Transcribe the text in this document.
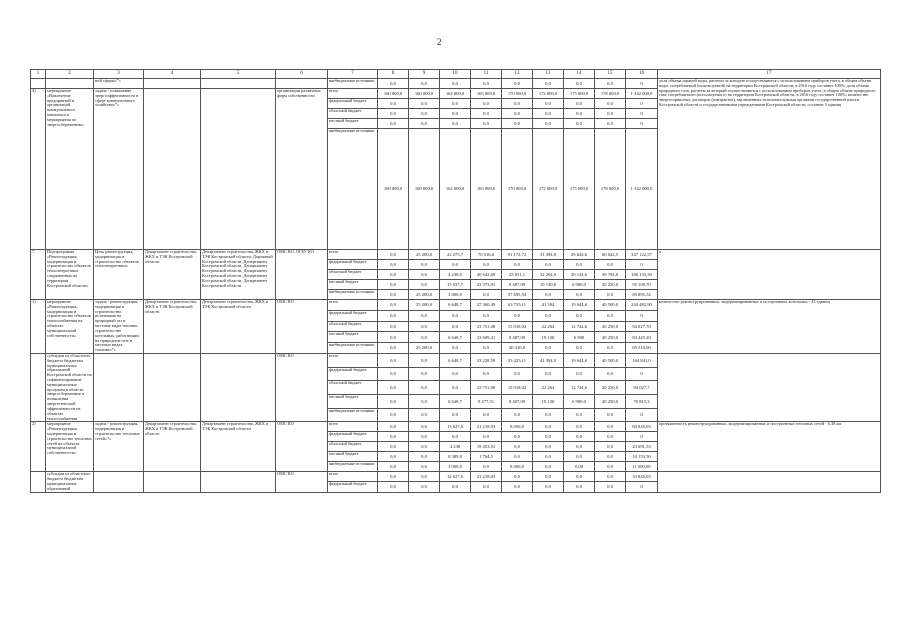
2
1	2	3	4	5	6	7	8	9	10	11	12	13	14	15	16	17

		ной сферы»*»				внебюджетные источники	0,0	0,0	0,0	0,0	0,0	0,0	0,0	0,0	0	доля объема горячей воды, расчеты за которую осуществляются с использованием приборов учета, в общем объеме воды, потребляемой (используемой) на территории Костромской области, в 2016 году составит 100%; доля объема природного газа, расчеты за который осуществляются с использованием приборов учета, в общем объеме природного газа, потребляемого (используемого) на территории Костромской области, в 2016 году составит 100%; количество энергосервисных договоров (контрактов), заключенных исполнительными органами государственной власти Костромской области и государственными учреждениями Костромской области, составит 5 единиц

4)	мероприятие «Вовлечение предприятий и организаций коммунального комплекса в мероприятия по энергосбережению»	задача - повышение энергоэффективности в сфере коммунального хозяйства»*»			организации различных форм собственности	всего	160 000,0	160 000,0	162 000,0	165 000,0	170 000,0	172 000,0	175 000,0	178 000,0	1 342 000,0	

						федеральный бюджет	0,0	0,0	0,0	0,0	0,0	0,0	0,0	0,0	0	

						областной бюджет	0,0	0,0	0,0	0,0	0,0	0,0	0,0	0,0	0	

						местный бюджет	0,0	0,0	0,0	0,0	0,0	0,0	0,0	0,0	0	

						внебюджетные источники	160 000,0	160 000,0	162 000,0	165 000,0	170 000,0	172 000,0	175 000,0	178 000,0	1 342 000,0	

7.	Подпрограмма «Реконструкция, модернизация и строительство объектов теплоэнергетики, сопряженных на территории Костромской области»	Цель реконструкция, модернизация и строительство объектов теплоэнергетики»	Департамент строительства, ЖКХ и ТЭК Костромской области	Департамент строительства, ЖКХ и ТЭК Костромской области, Дорожный Костромской области, Департамент Костромской области, Департамент Костромской области, Департамент Костромской области, Департамент Костромской области, Департамент Костромской области	ОМС КО, ОГБУ КО	всего	0,0	25 200,0	22 275,7	70 016,6	91 173,72	31 394,0	29 644,6	60 042,5	347 122,57	x

						федеральный бюджет	0,0	0,0	0,0	0,0	0,0	0,0	0,0	0,0	0	

						областной бюджет	0,0	0,0	4 238,0	40 642,69	25 051,1	32 264,0	20 144,6	39 792,0	166 133,39	

						местный бюджет	0,0	0,0	15 037,7	23 373,91	8 487,09	19 130,0	6 900,0	20 250,0	95 108,70	

						внебюджетные источники	0,0	25 200,0	3 000,0	0,0	57 695,54	0,0	0,0	0,0	85 895,54	

1)	мероприятие «Реконструкция, модернизация и строительство объектов теплоснабжения на объектах муниципальной собственности»	задача - реконструкция, модернизация и строительство источников на природный газ и местные виды топлива; строительство котельных, работающих на природном газе и местных видах топлива»*»	Департамент строительства, ЖКХ и ТЭК Костромской области	Департамент строительства, ЖКХ и ТЭК Костромской области	ОМС КО	всего	0,0	25 200,0	6 648,7	27 360,49	63 735,11	41 394	19 644,6	40 500,0	244 482,90	количество реконструированных, модернизированных и построенных котельных - 45 единиц

						федеральный бюджет	0,0	0,0	0,0	0,0	0,0	0,0	0,0	0,0	0	

						областной бюджет	0,0	0,0	0,0	23 751,08	15 018,02	22 264	12 744,6	20 250,0	94 027,70	

						местный бюджет	0,0	0,0	6 648,7	23 609,41	8 487,09	19 130	6 900	20 250,0	84 445,20	

						внебюджетные источники	0,0	25 200,0	0,0	0,0	40 310,0	0,0	0,0	0,0	65 510,00	

	субсидии из областного бюджета бюджетам муниципальных образований Костромской области на софинансирование муниципальных программ в области энергосбережения и повышения энергетической эффективности на объектах теплоснабжения				ОМС КО	всего	0,0	0,0	6 648,7	33 228,59	23 425,11	41 394,0	19 644,6	40 500,0	164 841,0	

						федеральный бюджет	0,0	0,0	0,0	0,0	0,0	0,0	0,0	0,0	0	

						областной бюджет	0,0	0,0	0,0	23 751,08	15 018,02	22 264	12 744,6	20 250,0	94 027,7	

						местный бюджет	0,0	0,0	6 648,7	9 477,51	8 407,09	19 130	6 900,0	20 250,0	70 813,3	

						внебюджетные источники	0,0	0,0	0,0	0,0	0,0	0,0	0,0	0,0	0	

2)	мероприятие «Реконструкция, модернизация и строительство тепловых сетей на объектах муниципальной собственности»	задача - реконструкция, модернизация и строительство тепловых сетей»*»	Департамент строительства, ЖКХ и ТЭК Костромской области	Департамент строительства, ЖКХ и ТЭК Костромской области	ОМС КО	всего	0,0	0,0	15 627,0	21 218,03	8 050,0	0,0	0,0	0,0	60 845,03	протяженность реконструированных, модернизированных и построенных тепловых сетей - 6,38 км

						федеральный бюджет	0,0	0,0	0,0	0,0	0,0	0,0	0,0	0,0	0	

						областной бюджет	0,0	0,0	4 238	19 453,53	0,0	0,0	0,0	0,0	23 691,53	

						местный бюджет	0,0	0,0	8 389,0	1 764,5	0,0	0,0	0,0	0,0	10 153,50	

						внебюджетные источники	0,0	0,0	3 000,0	0,0	8 000,0	0,0	0,00	0,0	11 000,00	

	субсидии из областного бюджета бюджетам муниципальных образований				ОМС КО	всего	0,0	0,0	12 627,0	21 218,03	0,0	0,0	0,0	0,0	33 845,03	

						федеральный бюджет	0,0	0,0	0,0	0,0	0,0	0,0	0,0	0,0	0	
